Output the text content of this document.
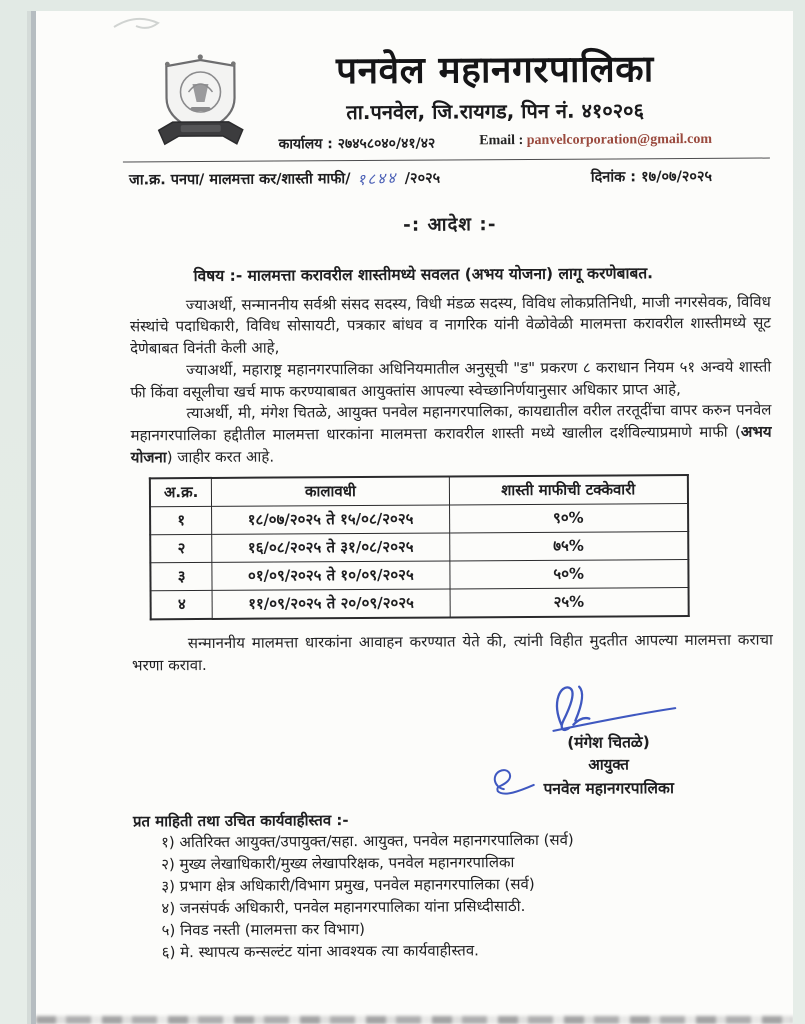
पनवेल महानगरपालिका
ता.पनवेल, जि.रायगड, पिन नं. ४१०२०६
कार्यालय : २७४५८०४०/४१/४२	Email : panvelcorporation@gmail.com
जा.क्र. पनपा/ मालमत्ता कर/शास्ती माफी/ १८४४ /२०२५	दिनांक : १७/०७/२०२५
-: आदेश :-
विषय :- मालमत्ता करावरील शास्तीमध्ये सवलत (अभय योजना) लागू करणेबाबत.

ज्याअर्थी, सन्माननीय सर्वश्री संसद सदस्य, विधी मंडळ सदस्य, विविध लोकप्रतिनिधी, माजी नगरसेवक, विविध संस्थांचे पदाधिकारी, विविध सोसायटी, पत्रकार बांधव व नागरिक यांनी वेळोवेळी मालमत्ता करावरील शास्तीमध्ये सूट देणेबाबत विनंती केली आहे,

ज्याअर्थी, महाराष्ट्र महानगरपालिका अधिनियमातील अनुसूची "ड" प्रकरण ८ कराधान नियम ५१ अन्वये शास्ती फी किंवा वसूलीचा खर्च माफ करण्याबाबत आयुक्तांस आपल्या स्वेच्छानिर्णयानुसार अधिकार प्राप्त आहे,

त्याअर्थी, मी, मंगेश चितळे, आयुक्त पनवेल महानगरपालिका, कायद्यातील वरील तरतूदींचा वापर करुन पनवेल महानगरपालिका हद्दीतील मालमत्ता धारकांना मालमत्ता करावरील शास्ती मध्ये खालील दर्शविल्याप्रमाणे माफी (अभय योजना) जाहीर करत आहे.

अ.क्र.	कालावधी	शास्ती माफीची टक्केवारी
१	१८/०७/२०२५ ते १५/०८/२०२५	९०%
२	१६/०८/२०२५ ते ३१/०८/२०२५	७५%
३	०१/०९/२०२५ ते १०/०९/२०२५	५०%
४	११/०९/२०२५ ते २०/०९/२०२५	२५%

सन्माननीय मालमत्ता धारकांना आवाहन करण्यात येते की, त्यांनी विहीत मुदतीत आपल्या मालमत्ता कराचा भरणा करावा.

(मंगेश चितळे)
आयुक्त
पनवेल महानगरपालिका
प्रत माहिती तथा उचित कार्यवाहीस्तव :-
१) अतिरिक्त आयुक्त/उपायुक्त/सहा. आयुक्त, पनवेल महानगरपालिका (सर्व)
२) मुख्य लेखाधिकारी/मुख्य लेखापरिक्षक, पनवेल महानगरपालिका
३) प्रभाग क्षेत्र अधिकारी/विभाग प्रमुख, पनवेल महानगरपालिका (सर्व)
४) जनसंपर्क अधिकारी, पनवेल महानगरपालिका यांना प्रसिध्दीसाठी.
५) निवड नस्ती (मालमत्ता कर विभाग)
६) मे. स्थापत्य कन्सल्टंट यांना आवश्यक त्या कार्यवाहीस्तव.
